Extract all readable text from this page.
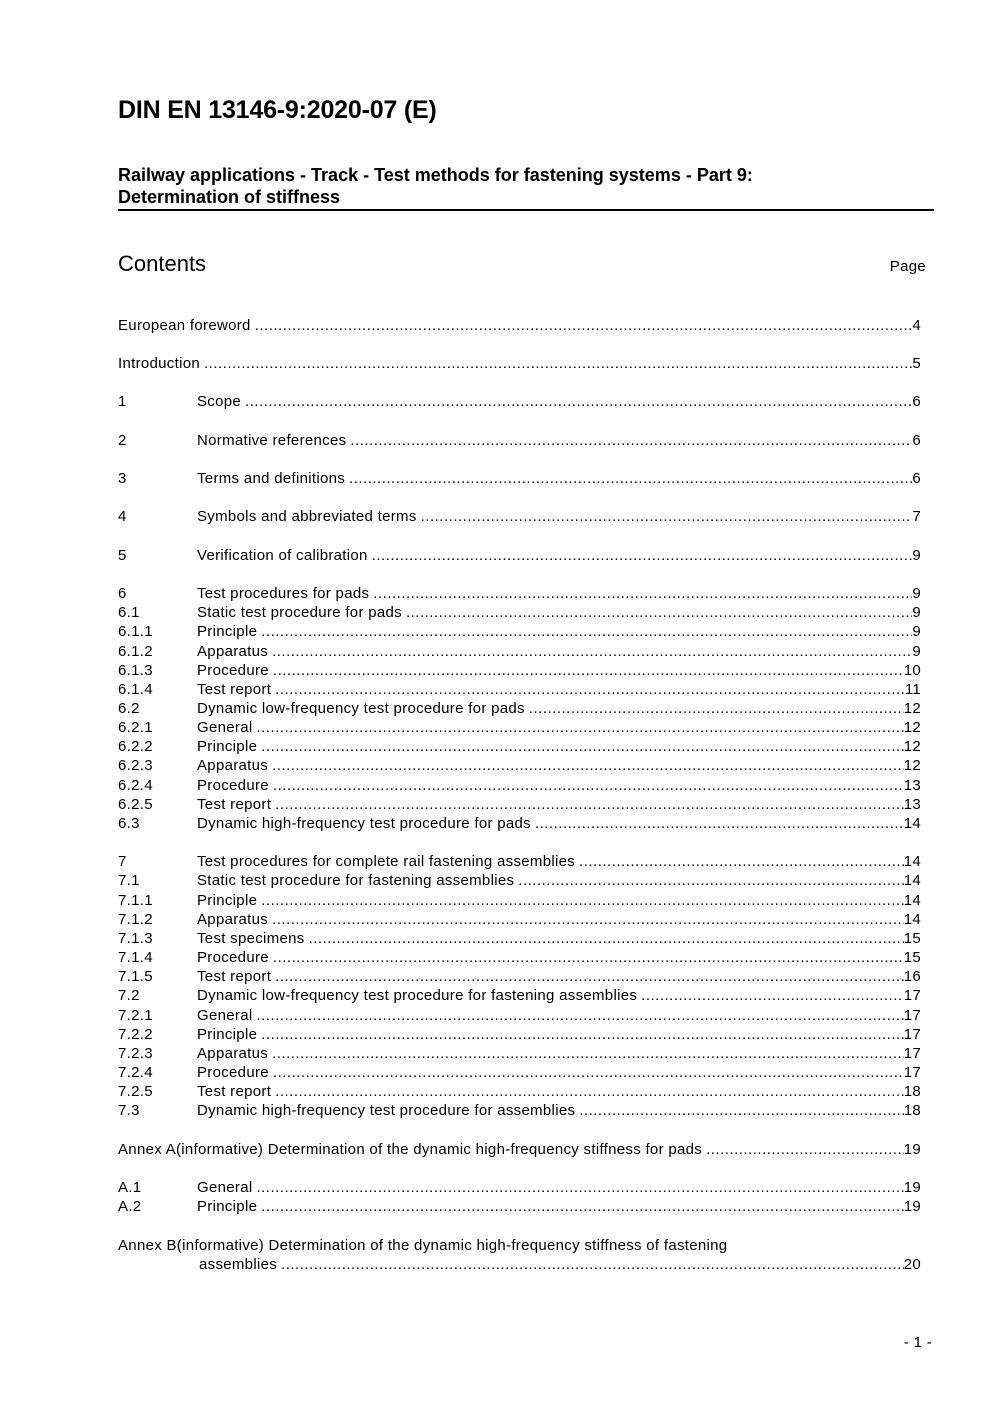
DIN EN 13146-9:2020-07 (E)
Railway applications - Track - Test methods for fastening systems - Part 9:
Determination of stiffness
Contents	Page
European foreword .....	4
Introduction .....	5
1	Scope .....	6
2	Normative references .....	6
3	Terms and definitions .....	6
4	Symbols and abbreviated terms .....	7
5	Verification of calibration .....	9
6	Test procedures for pads .....	9
6.1	Static test procedure for pads .....	9
6.1.1	Principle .....	9
6.1.2	Apparatus .....	9
6.1.3	Procedure .....	10
6.1.4	Test report .....	11
6.2	Dynamic low-frequency test procedure for pads .....	12
6.2.1	General .....	12
6.2.2	Principle .....	12
6.2.3	Apparatus .....	12
6.2.4	Procedure .....	13
6.2.5	Test report .....	13
6.3	Dynamic high-frequency test procedure for pads .....	14
7	Test procedures for complete rail fastening assemblies .....	14
7.1	Static test procedure for fastening assemblies .....	14
7.1.1	Principle .....	14
7.1.2	Apparatus .....	14
7.1.3	Test specimens .....	15
7.1.4	Procedure .....	15
7.1.5	Test report .....	16
7.2	Dynamic low-frequency test procedure for fastening assemblies .....	17
7.2.1	General .....	17
7.2.2	Principle .....	17
7.2.3	Apparatus .....	17
7.2.4	Procedure .....	17
7.2.5	Test report .....	18
7.3	Dynamic high-frequency test procedure for assemblies .....	18
Annex A(informative) Determination of the dynamic high-frequency stiffness for pads .....	19
A.1	General .....	19
A.2	Principle .....	19
Annex B(informative) Determination of the dynamic high-frequency stiffness of fastening
assemblies .....	20
- 1 -
